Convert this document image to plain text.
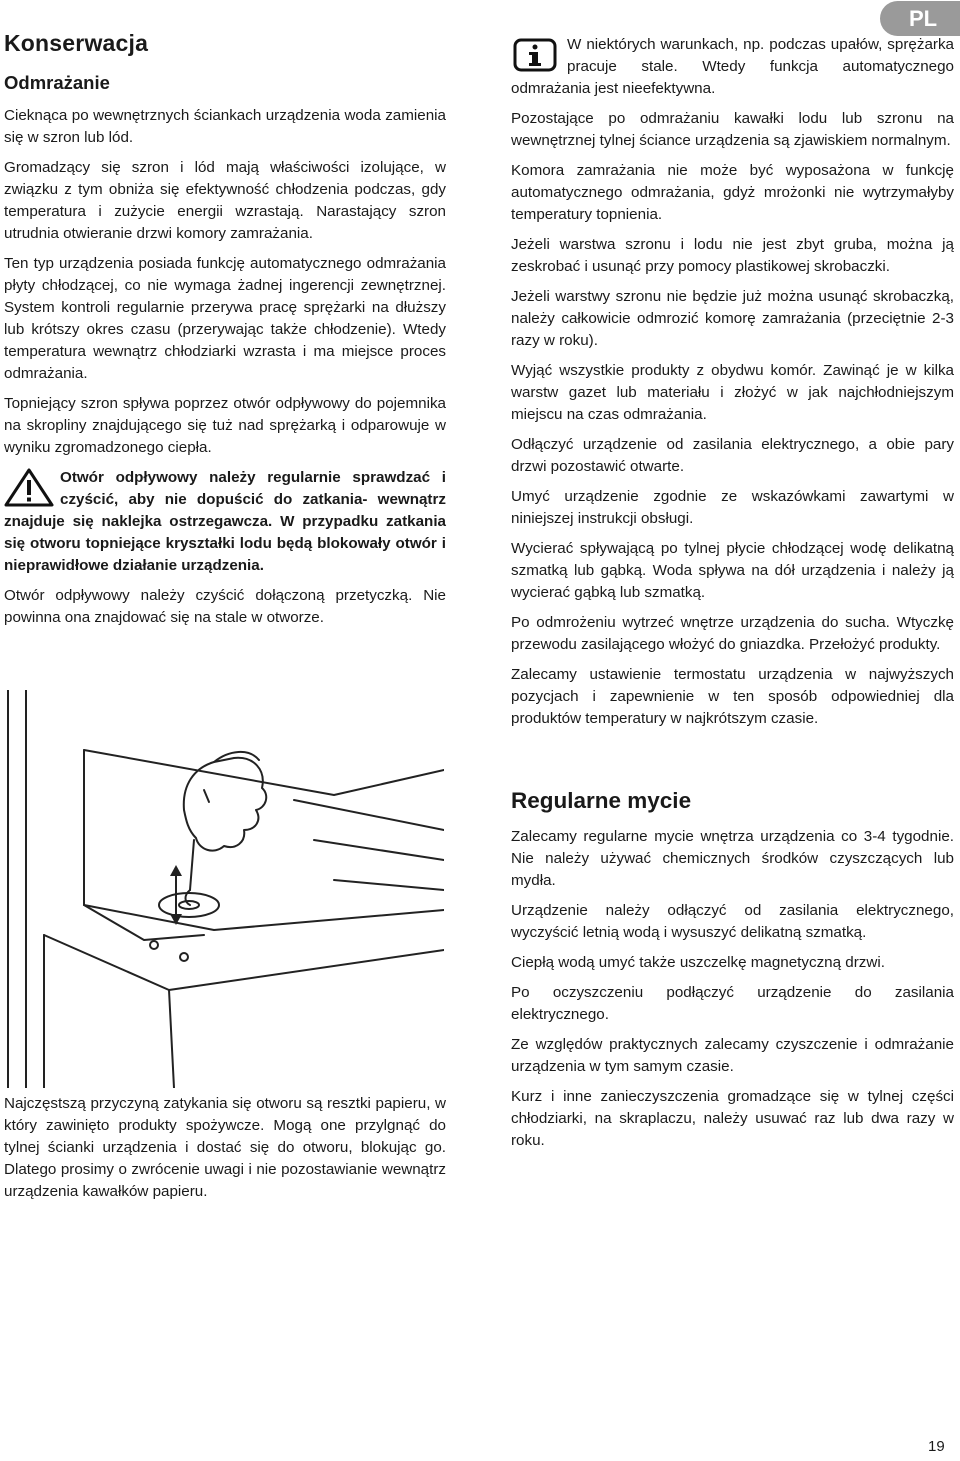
PL
Konserwacja
Odmrażanie

Cieknąca po wewnętrznych ściankach urządzenia woda zamienia się w szron lub lód.

Gromadzący się szron i lód mają właściwości izolujące, w związku z tym obniża się efektywność chłodzenia podczas, gdy temperatura i zużycie energii wzrastają. Narastający szron utrudnia otwieranie drzwi komory zamrażania.

Ten typ urządzenia posiada funkcję automatycznego odmrażania płyty chłodzącej, co nie wymaga żadnej ingerencji zewnętrznej. System kontroli regularnie przerywa pracę sprężarki na dłuższy lub krótszy okres czasu (przerywając także chłodzenie). Wtedy temperatura wewnątrz chłodziarki wzrasta i ma miejsce proces odmrażania.

Topniejący szron spływa poprzez otwór odpływowy do pojemnika na skropliny znajdującego się tuż nad sprężarką i odparowuje w wyniku zgromadzonego ciepła.

Otwór odpływowy należy regularnie sprawdzać i czyścić, aby nie dopuścić do zatkania- wewnątrz znajduje się naklejka ostrzegawcza. W przypadku zatkania się otworu topniejące kryształki lodu będą blokowały otwór i nieprawidłowe działanie urządzenia.

Otwór odpływowy należy czyścić dołączoną przetyczką. Nie powinna ona znajdować się na stale w otworze.

Najczęstszą przyczyną zatykania się otworu są resztki papieru, w który zawinięto produkty spożywcze. Mogą one przylgnąć do tylnej ścianki urządzenia i dostać się do otworu, blokując go. Dlatego prosimy o zwrócenie uwagi i nie pozostawianie wewnątrz urządzenia kawałków papieru.

W niektórych warunkach, np. podczas upałów, sprężarka pracuje stale. Wtedy funkcja automatycznego odmrażania jest nieefektywna.

Pozostające po odmrażaniu kawałki lodu lub szronu na wewnętrznej tylnej ściance urządzenia są zjawiskiem normalnym.

Komora zamrażania nie może być wyposażona w funkcję automatycznego odmrażania, gdyż mrożonki nie wytrzymałyby temperatury topnienia.

Jeżeli warstwa szronu i lodu nie jest zbyt gruba, można ją zeskrobać i usunąć przy pomocy plastikowej skrobaczki.

Jeżeli warstwy szronu nie będzie już można usunąć skrobaczką, należy całkowicie odmrozić komorę zamrażania (przeciętnie 2-3 razy w roku).

Wyjąć wszystkie produkty z obydwu komór. Zawinąć je w kilka warstw gazet lub materiału i złożyć w jak najchłodniejszym miejscu na czas odmrażania.

Odłączyć urządzenie od zasilania elektrycznego, a obie pary drzwi pozostawić otwarte.

Umyć urządzenie zgodnie ze wskazówkami zawartymi w niniejszej instrukcji obsługi.

Wycierać spływającą po tylnej płycie chłodzącej wodę delikatną szmatką lub gąbką. Woda spływa na dół urządzenia i należy ją wycierać gąbką lub szmatką.

Po odmrożeniu wytrzeć wnętrze urządzenia do sucha. Wtyczkę przewodu zasilającego włożyć do gniazdka. Przełożyć produkty.

Zalecamy ustawienie termostatu urządzenia w najwyższych pozycjach i zapewnienie w ten sposób odpowiedniej dla produktów temperatury w najkrótszym czasie.

Regularne mycie

Zalecamy regularne mycie wnętrza urządzenia co 3-4 tygodnie. Nie należy używać chemicznych środków czyszczących lub mydła.

Urządzenie należy odłączyć od zasilania elektrycznego, wyczyścić letnią wodą i wysuszyć delikatną szmatką.

Ciepłą wodą umyć także uszczelkę magnetyczną drzwi.

Po oczyszczeniu podłączyć urządzenie do zasilania elektrycznego.

Ze względów praktycznych zalecamy czyszczenie i odmrażanie urządzenia w tym samym czasie.

Kurz i inne zanieczyszczenia gromadzące się w tylnej części chłodziarki, na skraplaczu, należy usuwać raz lub dwa razy w roku.

19
